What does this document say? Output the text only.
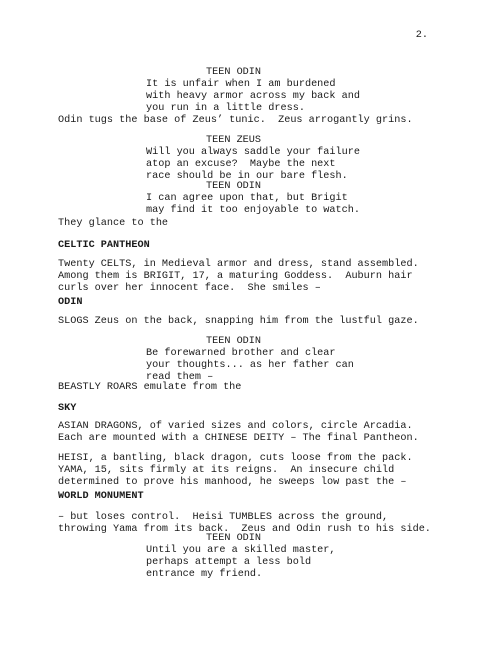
2.
TEEN ODIN
It is unfair when I am burdened
with heavy armor across my back and
you run in a little dress.
Odin tugs the base of Zeus’ tunic.  Zeus arrogantly grins.
TEEN ZEUS
Will you always saddle your failure
atop an excuse?  Maybe the next
race should be in our bare flesh.
TEEN ODIN
I can agree upon that, but Brigit
may find it too enjoyable to watch.
They glance to the
CELTIC PANTHEON
Twenty CELTS, in Medieval armor and dress, stand assembled.
Among them is BRIGIT, 17, a maturing Goddess.  Auburn hair
curls over her innocent face.  She smiles –
ODIN
SLOGS Zeus on the back, snapping him from the lustful gaze.
TEEN ODIN
Be forewarned brother and clear
your thoughts... as her father can
read them –
BEASTLY ROARS emulate from the
SKY
ASIAN DRAGONS, of varied sizes and colors, circle Arcadia.
Each are mounted with a CHINESE DEITY – The final Pantheon.
HEISI, a bantling, black dragon, cuts loose from the pack.
YAMA, 15, sits firmly at its reigns.  An insecure child
determined to prove his manhood, he sweeps low past the –
WORLD MONUMENT
– but loses control.  Heisi TUMBLES across the ground,
throwing Yama from its back.  Zeus and Odin rush to his side.
TEEN ODIN
Until you are a skilled master,
perhaps attempt a less bold
entrance my friend.
